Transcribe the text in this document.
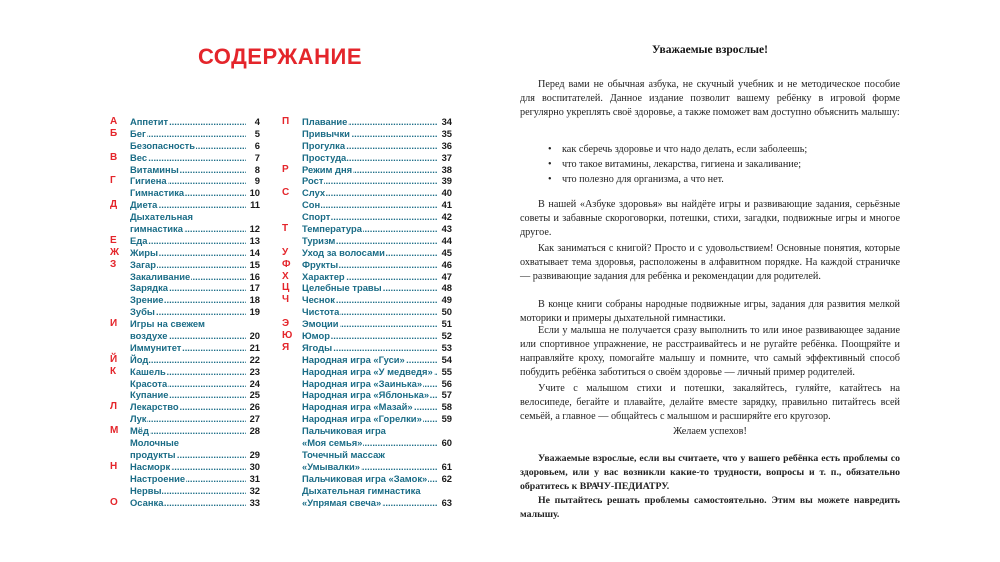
СОДЕРЖАНИЕ
А ..... Аппетит	4
Б ..... Бег	5
.....
Безопасность	6
В ..... Вес	7
.....
Витамины	8
Г ..... Гигиена	9
.....
Гимнастика	10
Д ..... Диета	11
Дыхательная
.....
гимнастика	12
Е ..... Еда	13
Ж ..... Жиры	14
З ..... Загар	15
.....
Закаливание	16
.....
Зарядка	17
.....
Зрение	18
.....
Зубы	19
И Игры на свежем
.....
воздухе	20
.....
Иммунитет	21
Й ..... Йод	22
К ..... Кашель	23
.....
Красота	24
.....
Купание	25
Л ..... Лекарство	26
.....
Лук	27
М ..... Мёд	28
Молочные
.....
продукты	29
Н ..... Насморк	30
.....
Настроение	31
.....
Нервы	32
О ..... Осанка	33
П ..... Плавание	34
.....
Привычки	35
.....
Прогулка	36
.....
Простуда	37
Р ..... Режим дня	38
.....
Рост	39
С ..... Слух	40
.....
Сон	41
.....
Спорт	42
Т ..... Температура	43
.....
Туризм	44
У ..... Уход за волосами	45
Ф ..... Фрукты	46
Х ..... Характер	47
Ц ..... Целебные травы	48
Ч ..... Чеснок	49
.....
Чистота	50
Э ..... Эмоции	51
Ю ..... Юмор	52
Я ..... Ягоды	53
.....
Народная игра «Гуси»	54
.....
Народная игра «У медведя» 55
.....
Народная игра «Заинька» 56
.....
Народная игра «Яблонька» 57
.....
Народная игра «Мазай»	58
.....
Народная игра «Горелки» 59
Пальчиковая игра
.....
«Моя семья»	60
Точечный массаж
.....
«Умывалки»	61
.....
Пальчиковая игра «Замок» 62
Дыхательная гимнастика
.....
«Упрямая свеча»	63
Уважаемые взрослые!

Перед вами не обычная азбука, не скучный учебник и не методическое пособие для воспитателей. Данное издание позволит вашему ребёнку в игровой форме регулярно укреплять своё здоровье, а также поможет вам доступно объяснить малышу:

• как сберечь здоровье и что надо делать, если заболеешь;
• что такое витамины, лекарства, гигиена и закаливание;
• что полезно для организма, а что нет.

В нашей «Азбуке здоровья» вы найдёте игры и развивающие задания, серьёзные советы и забавные скороговорки, потешки, стихи, загадки, подвижные игры и многое другое.

Как заниматься с книгой? Просто и с удовольствием! Основные понятия, которые охватывает тема здоровья, расположены в алфавитном порядке. На каждой страничке — развивающие задания для ребёнка и рекомендации для родителей.

В конце книги собраны народные подвижные игры, задания для развития мелкой моторики и примеры дыхательной гимнастики.

Если у малыша не получается сразу выполнить то или иное развивающее задание или спортивное упражнение, не расстраивайтесь и не ругайте ребёнка. Поощряйте и направляйте кроху, помогайте малышу и помните, что самый эффективный способ побудить ребёнка заботиться о своём здоровье — личный пример родителей.

Учите с малышом стихи и потешки, закаляйтесь, гуляйте, катайтесь на велосипеде, бегайте и плавайте, делайте вместе зарядку, правильно питайтесь всей семьёй, а главное — общайтесь с малышом и расширяйте его кругозор.

Желаем успехов!

Уважаемые взрослые, если вы считаете, что у вашего ребёнка есть проблемы со здоровьем, или у вас возникли какие-то трудности, вопросы и т. п., обязательно обратитесь к ВРАЧУ-ПЕДИАТРУ.

Не пытайтесь решать проблемы самостоятельно. Этим вы можете навредить малышу.
